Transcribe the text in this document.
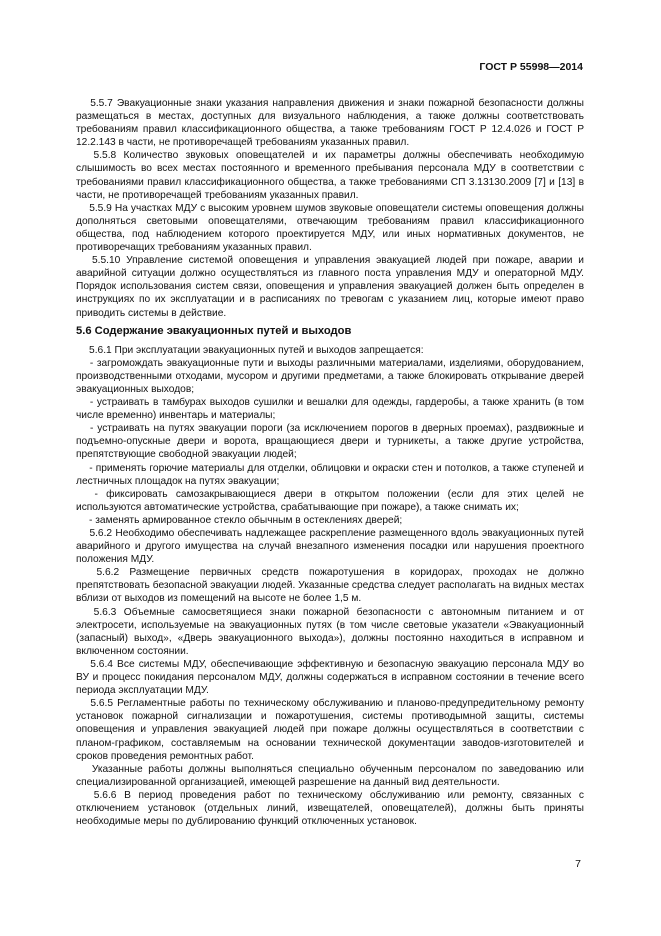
ГОСТ Р 55998—2014

  5.5.7 Эвакуационные знаки указания направления движения и знаки пожарной безопасности должны размещаться в местах, доступных для визуального наблюдения, а также должны соответствовать требованиям правил классификационного общества, а также требованиям ГОСТ Р 12.4.026 и ГОСТ Р 12.2.143 в части, не противоречащей требованиям указанных правил.

  5.5.8 Количество звуковых оповещателей и их параметры должны обеспечивать необходимую слышимость во всех местах постоянного и временного пребывания персонала МДУ в соответствии с требованиями правил классификационного общества, а также требованиями СП 3.13130.2009 [7] и [13] в части, не противоречащей требованиям указанных правил.

  5.5.9 На участках МДУ с высоким уровнем шумов звуковые оповещатели системы оповещения должны дополняться световыми оповещателями, отвечающим требованиям правил классификационного общества, под наблюдением которого проектируется МДУ, или иных нормативных документов, не противоречащих требованиям указанных правил.

  5.5.10 Управление системой оповещения и управления эвакуацией людей при пожаре, аварии и аварийной ситуации должно осуществляться из главного поста управления МДУ и операторной МДУ. Порядок использования систем связи, оповещения и управления эвакуацией должен быть определен в инструкциях по их эксплуатации и в расписаниях по тревогам с указанием лиц, которые имеют право приводить системы в действие.

5.6 Содержание эвакуационных путей и выходов

  5.6.1 При эксплуатации эвакуационных путей и выходов запрещается:

  - загромождать эвакуационные пути и выходы различными материалами, изделиями, оборудованием, производственными отходами, мусором и другими предметами, а также блокировать открывание дверей эвакуационных выходов;

  - устраивать в тамбурах выходов сушилки и вешалки для одежды, гардеробы, а также хранить (в том числе временно) инвентарь и материалы;

  - устраивать на путях эвакуации пороги (за исключением порогов в дверных проемах), раздвижные и подъемно-опускные двери и ворота, вращающиеся двери и турникеты, а также другие устройства, препятствующие свободной эвакуации людей;

  - применять горючие материалы для отделки, облицовки и окраски стен и потолков, а также ступеней и лестничных площадок на путях эвакуации;

  - фиксировать самозакрывающиеся двери в открытом положении (если для этих целей не используются автоматические устройства, срабатывающие при пожаре), а также снимать их;

  - заменять армированное стекло обычным в остеклениях дверей;

  5.6.2 Необходимо обеспечивать надлежащее раскрепление размещенного вдоль эвакуационных путей аварийного и другого имущества на случай внезапного изменения посадки или нарушения проектного положения МДУ.

  5.6.2 Размещение первичных средств пожаротушения в коридорах, проходах не должно препятствовать безопасной эвакуации людей. Указанные средства следует располагать на видных местах вблизи от выходов из помещений на высоте не более 1,5 м.

  5.6.3 Объемные самосветящиеся знаки пожарной безопасности с автономным питанием и от электросети, используемые на эвакуационных путях (в том числе световые указатели «Эвакуационный (запасный) выход», «Дверь эвакуационного выхода»), должны постоянно находиться в исправном и включенном состоянии.

  5.6.4 Все системы МДУ, обеспечивающие эффективную и безопасную эвакуацию персонала МДУ во ВУ и процесс покидания персоналом МДУ, должны содержаться в исправном состоянии в течение всего периода эксплуатации МДУ.

  5.6.5 Регламентные работы по техническому обслуживанию и планово-предупредительному ремонту установок пожарной сигнализации и пожаротушения, системы противодымной защиты, системы оповещения и управления эвакуацией людей при пожаре должны осуществляться в соответствии с планом-графиком, составляемым на основании технической документации заводов-изготовителей и сроков проведения ремонтных работ.

  Указанные работы должны выполняться специально обученным персоналом по заведованию или специализированной организацией, имеющей разрешение на данный вид деятельности.

  5.6.6 В период проведения работ по техническому обслуживанию или ремонту, связанных с отключением установок (отдельных линий, извещателей, оповещателей), должны быть приняты необходимые меры по дублированию функций отключенных установок.

7
